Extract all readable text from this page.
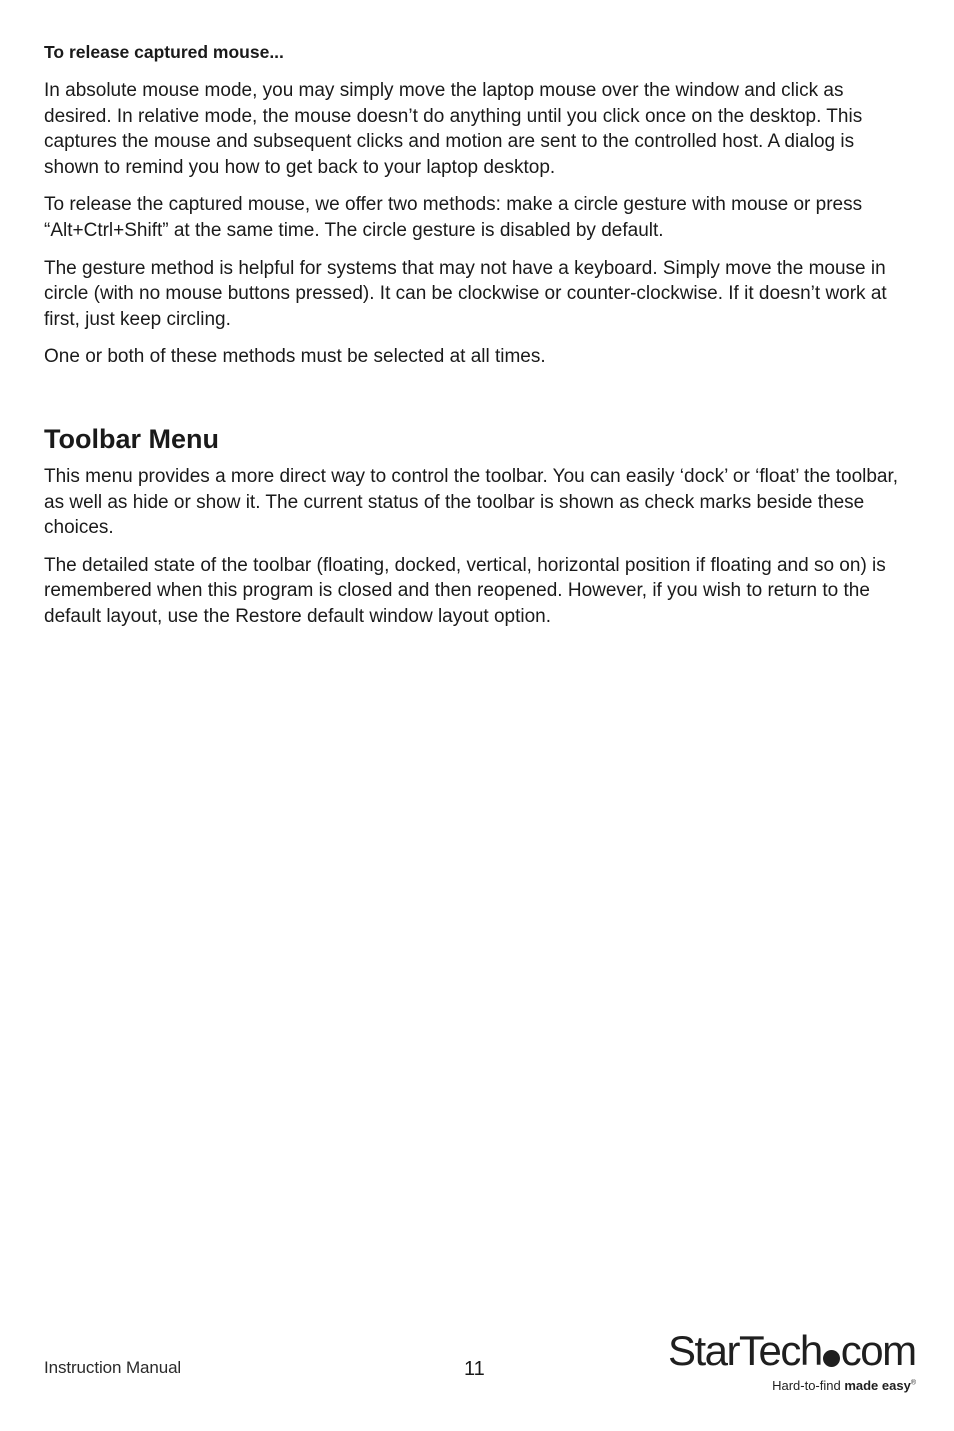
To release captured mouse...

In absolute mouse mode, you may simply move the laptop mouse over the window and click as desired. In relative mode, the mouse doesn’t do anything until you click once on the desktop. This captures the mouse and subsequent clicks and motion are sent to the controlled host. A dialog is shown to remind you how to get back to your laptop desktop.

To release the captured mouse, we offer two methods: make a circle gesture with mouse or press “Alt+Ctrl+Shift” at the same time. The circle gesture is disabled by default.

The gesture method is helpful for systems that may not have a keyboard. Simply move the mouse in circle (with no mouse buttons pressed). It can be clockwise or counter-clockwise. If it doesn’t work at first, just keep circling.

One or both of these methods must be selected at all times.

Toolbar Menu

This menu provides a more direct way to control the toolbar. You can easily ‘dock’ or ‘float’ the toolbar, as well as hide or show it. The current status of the toolbar is shown as check marks beside these choices.

The detailed state of the toolbar (floating, docked, vertical, horizontal position if floating and so on) is remembered when this program is closed and then reopened. However, if you wish to return to the default layout, use the Restore default window layout option.

Instruction Manual	11	StarTech com
Hard-to-find made easy®
